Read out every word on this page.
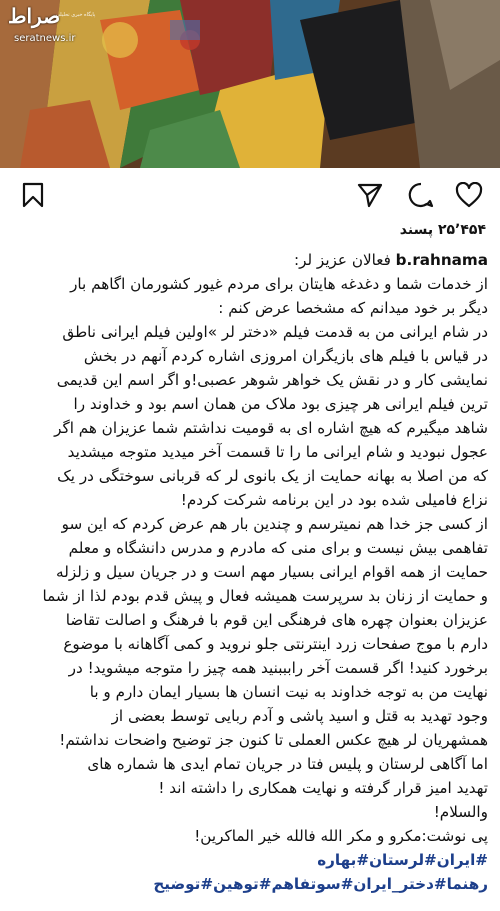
صراط
پایگاه خبری تحلیلی
seratnews.ir
۲۵٬۴۵۴ پسند

b.rahnama فعالان عزیز لر:

از خدمات شما و دغدغه هایتان برای مردم غیور کشورمان اگاهم بار

دیگر بر خود میدانم که مشخصا عرض کنم :

در شام ایرانی من به قدمت فیلم «دختر لر »اولین فیلم ایرانی ناطق

در قیاس با فیلم های بازیگران امروزی اشاره کردم آنهم در بخش

نمایشی کار و در نقش یک خواهر شوهر عصبی!و اگر اسم این قدیمی

ترین فیلم ایرانی هر چیزی بود ملاک من همان اسم بود و خداوند را

شاهد میگیرم که هیچ اشاره ای به قومیت نداشتم شما عزیزان هم اگر

عجول نبودید و شام ایرانی ما را تا قسمت آخر میدید متوجه میشدید

که من اصلا به بهانه حمایت از یک بانوی لر که قربانی سوختگی در یک

نزاع فامیلی شده بود در این برنامه شرکت کردم!

از کسی جز خدا هم نمیترسم و چندین بار هم عرض کردم که این سو

تفاهمی بیش نیست و برای منی که مادرم و مدرس دانشگاه و معلم

حمایت از همه اقوام ایرانی بسیار مهم است و در جریان سیل و زلزله

و حمایت از زنان بد سرپرست همیشه فعال و پیش قدم بودم لذا از شما

عزیزان بعنوان چهره های فرهنگی این قوم با فرهنگ و اصالت تقاضا

دارم با موج صفحات زرد اینترنتی جلو نروید و کمی آگاهانه با موضوع

برخورد کنید! اگر قسمت آخر رابببنید همه چیز را متوجه میشوید! در

نهایت من به توجه خداوند به نیت انسان ها بسیار ایمان دارم و با

وجود تهدید به قتل و اسید پاشی و آدم ربایی توسط بعضی از

همشهریان لر هیچ عکس العملی تا کنون جز توضیح واضحات نداشتم!

اما آگاهی لرستان و پلیس فتا در جریان تمام ایدی ها شماره های

تهدید امیز قرار گرفته و نهایت همکاری را داشته اند !

والسلام!

پی نوشت:مکرو و مکر الله فالله خیر الماکرین!

#ایران#لرستان#بهاره رهنما#دختر_ایران#سوتفاهم#توهین#توضیح
